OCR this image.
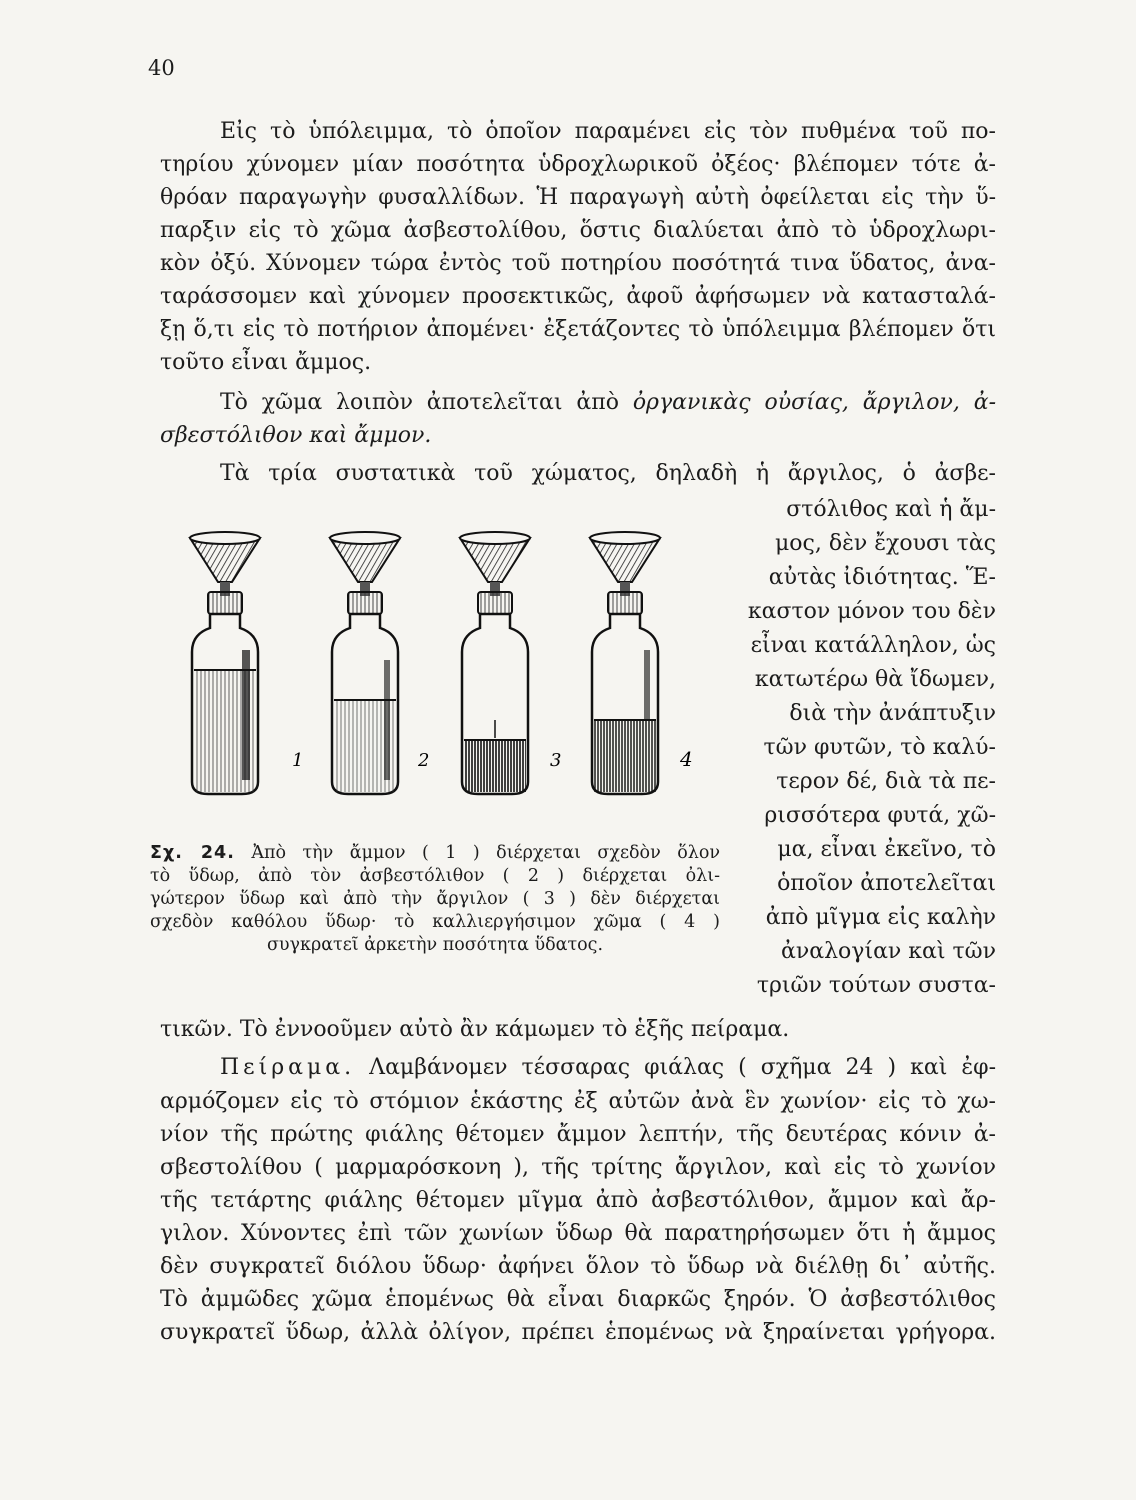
40
Εἰς τὸ ὑπόλειμμα, τὸ ὁποῖον παραμένει εἰς τὸν πυθμένα τοῦ πο-
τηρίου χύνομεν μίαν ποσότητα ὑδροχλωρικοῦ ὀξέος· βλέπομεν τότε ἀ-
θρόαν παραγωγὴν φυσαλλίδων. Ἡ παραγωγὴ αὐτὴ ὀφείλεται εἰς τὴν ὕ-
παρξιν εἰς τὸ χῶμα ἀσβεστολίθου, ὅστις διαλύεται ἀπὸ τὸ ὑδροχλωρι-
κὸν ὀξύ. Χύνομεν τώρα ἐντὸς τοῦ ποτηρίου ποσότητά τινα ὕδατος, ἀνα-
ταράσσομεν καὶ χύνομεν προσεκτικῶς, ἀφοῦ ἀφήσωμεν νὰ κατασταλά-
ξῃ ὅ,τι εἰς τὸ ποτήριον ἀπομένει· ἐξετάζοντες τὸ ὑπόλειμμα βλέπομεν ὅτι
τοῦτο εἶναι ἄμμος.
Τὸ χῶμα λοιπὸν ἀποτελεῖται ἀπὸ ὀργανικὰς οὐσίας, ἄργιλον, ἀ-
σβεστόλιθον καὶ ἄμμον.
Τὰ τρία συστατικὰ τοῦ χώματος, δηλαδὴ ἡ ἄργιλος, ὁ ἀσβε-
στόλιθος καὶ ἡ ἄμ-
μος, δὲν ἔχουσι τὰς
αὐτὰς ἰδιότητας. Ἕ-
καστον μόνον του δὲν
εἶναι κατάλληλον, ὡς
κατωτέρω θὰ ἴδωμεν,
διὰ τὴν ἀνάπτυξιν
τῶν φυτῶν, τὸ καλύ-
τερον δέ, διὰ τὰ πε-
ρισσότερα φυτά, χῶ-
μα, εἶναι ἐκεῖνο, τὸ
ὁποῖον ἀποτελεῖται
ἀπὸ μῖγμα εἰς καλὴν
ἀναλογίαν καὶ τῶν
τριῶν τούτων συστα-
1	2	3	4
Σχ. 24. Ἀπὸ τὴν ἄμμον ( 1 ) διέρχεται σχεδὸν ὅλον
τὸ ὕδωρ, ἀπὸ τὸν ἀσβεστόλιθον ( 2 ) διέρχεται ὀλι-
γώτερον ὕδωρ καὶ ἀπὸ τὴν ἄργιλον ( 3 ) δὲν διέρχεται
σχεδὸν καθόλου ὕδωρ· τὸ καλλιεργήσιμον χῶμα ( 4 )
συγκρατεῖ ἀρκετὴν ποσότητα ὕδατος.
τικῶν. Τὸ ἐννοοῦμεν αὐτὸ ἂν κάμωμεν τὸ ἑξῆς πείραμα.
Πείραμα. Λαμβάνομεν τέσσαρας φιάλας ( σχῆμα 24 ) καὶ ἐφ-
αρμόζομεν εἰς τὸ στόμιον ἑκάστης ἐξ αὐτῶν ἀνὰ ἓν χωνίον· εἰς τὸ χω-
νίον τῆς πρώτης φιάλης θέτομεν ἄμμον λεπτήν, τῆς δευτέρας κόνιν ἀ-
σβεστολίθου ( μαρμαρόσκονη ), τῆς τρίτης ἄργιλον, καὶ εἰς τὸ χωνίον
τῆς τετάρτης φιάλης θέτομεν μῖγμα ἀπὸ ἀσβεστόλιθον, ἄμμον καὶ ἄρ-
γιλον. Χύνοντες ἐπὶ τῶν χωνίων ὕδωρ θὰ παρατηρήσωμεν ὅτι ἡ ἄμμος
δὲν συγκρατεῖ διόλου ὕδωρ· ἀφήνει ὅλον τὸ ὕδωρ νὰ διέλθῃ δι᾽ αὐτῆς.
Τὸ ἀμμῶδες χῶμα ἑπομένως θὰ εἶναι διαρκῶς ξηρόν. Ὁ ἀσβεστόλιθος
συγκρατεῖ ὕδωρ, ἀλλὰ ὀλίγον, πρέπει ἑπομένως νὰ ξηραίνεται γρήγορα.
